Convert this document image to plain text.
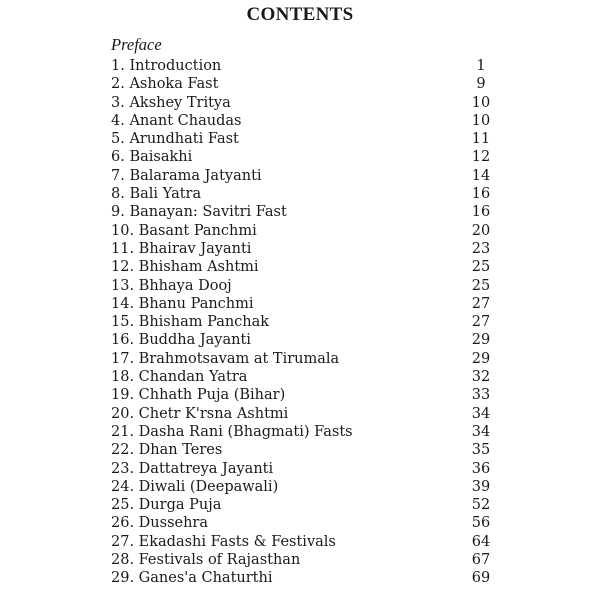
CONTENTS
Preface
1. Introduction	1
2. Ashoka Fast	9
3. Akshey Tritya	10
4. Anant Chaudas	10
5. Arundhati Fast	11
6. Baisakhi	12
7. Balarama Jatyanti	14
8. Bali Yatra	16
9. Banayan: Savitri Fast	16
10. Basant Panchmi	20
11. Bhairav Jayanti	23
12. Bhisham Ashtmi	25
13. Bhhaya Dooj	25
14. Bhanu Panchmi	27
15. Bhisham Panchak	27
16. Buddha Jayanti	29
17. Brahmotsavam at Tirumala	29
18. Chandan Yatra	32
19. Chhath Puja (Bihar)	33
20. Chetr K'rsna Ashtmi	34
21. Dasha Rani (Bhagmati) Fasts	34
22. Dhan Teres	35
23. Dattatreya Jayanti	36
24. Diwali (Deepawali)	39
25. Durga Puja	52
26. Dussehra	56
27. Ekadashi Fasts & Festivals	64
28. Festivals of Rajasthan	67
29. Ganes'a Chaturthi	69
